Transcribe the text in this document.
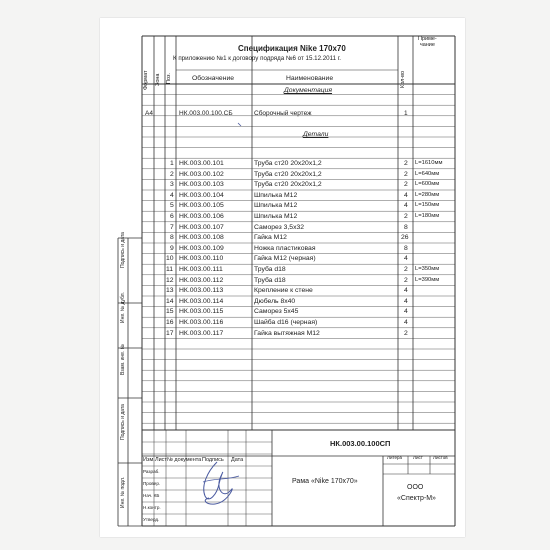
Спецификация Nike 170x70
К приложению №1 к договору подряда №6 от 15.12.2011 г.
Формат Зона Поз.	Обозначение	Наименование	Кол-во
Приме-
чание
Документация
A4	НК.003.00.100.СБ	Сборочный чертеж	1
Детали
1 НК.003.00.101	Труба ст20 20х20х1,2	2 L=1610мм
2 НК.003.00.102	Труба ст20 20х20х1,2	2 L=640мм
3 НК.003.00.103	Труба ст20 20х20х1,2	2 L=600мм
4 НК.003.00.104	Шпилька М12	4 L=280мм
5 НК.003.00.105	Шпилька М12	4 L=150мм
6 НК.003.00.106	Шпилька М12	2 L=180мм
7 НК.003.00.107	Саморез 3,5х32	8
8 НК.003.00.108	Гайка М12	26
9 НК.003.00.109	Ножка пластиковая	8
10 НК.003.00.110	Гайка М12 (черная)	4
11 НК.003.00.111	Труба d18	2 L=350мм
12 НК.003.00.112	Труба d18	2 L=390мм
13 НК.003.00.113	Крепление к стене	4
14 НК.003.00.114	Дюбель 8х40	4
15 НК.003.00.115	Саморез 5х45	4
16 НК.003.00.116	Шайба d16 (черная)	4
17 НК.003.00.117	Гайка вытяжная М12	2
Подпись и дата
Инв. № дубл.
Взам. инв. №
Подпись и дата
Инв. № подл.
НК.003.00.100СП
Изм. Лист № документа Подпись Дата
Разраб.
Провер.
Нач. КБ
Н.контр.
Утверд.
Рама «Nike 170x70»
Литера Лист Листов
ООО
«Спектр-М»
